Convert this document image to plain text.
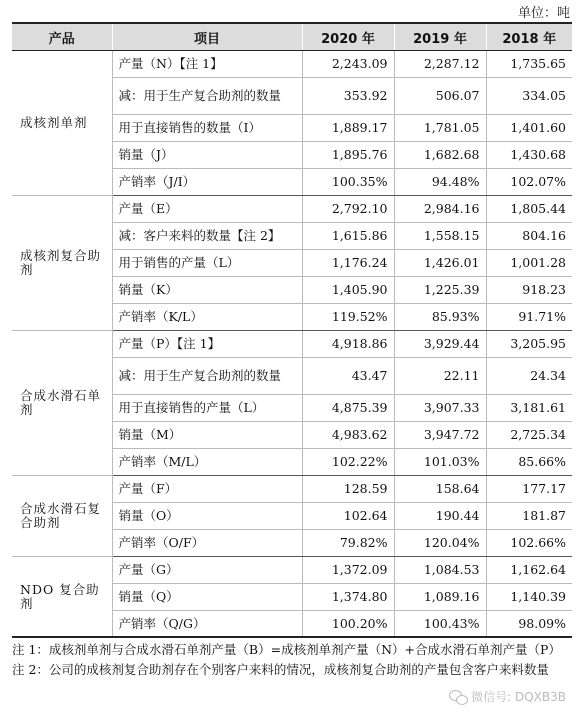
单位：吨
产品	项目	2020 年	2019 年	2018 年
成核剂单剂	产量（N）【注 1】	2,243.09	2,287.12	1,735.65
	减：用于生产复合助剂的数量	353.92	506.07	334.05
	用于直接销售的数量（I）	1,889.17	1,781.05	1,401.60
	销量（J）	1,895.76	1,682.68	1,430.68
	产销率（J/I）	100.35%	94.48%	102.07%
成核剂复合助剂	产量（E）	2,792.10	2,984.16	1,805.44
	减：客户来料的数量【注 2】	1,615.86	1,558.15	804.16
	用于销售的产量（L）	1,176.24	1,426.01	1,001.28
	销量（K）	1,405.90	1,225.39	918.23
	产销率（K/L）	119.52%	85.93%	91.71%
合成水滑石单剂	产量（P）【注 1】	4,918.86	3,929.44	3,205.95
	减：用于生产复合助剂的数量	43.47	22.11	24.34
	用于直接销售的产量（L）	4,875.39	3,907.33	3,181.61
	销量（M）	4,983.62	3,947.72	2,725.34
	产销率（M/L）	102.22%	101.03%	85.66%
合成水滑石复合助剂	产量（F）	128.59	158.64	177.17
	销量（O）	102.64	190.44	181.87
	产销率（O/F）	79.82%	120.04%	102.66%
NDO 复合助剂	产量（G）	1,372.09	1,084.53	1,162.64
	销量（Q）	1,374.80	1,089.16	1,140.39
	产销率（Q/G）	100.20%	100.43%	98.09%
注 1：成核剂单剂与合成水滑石单剂产量（B）=成核剂单剂产量（N）+合成水滑石单剂产量（P）
注 2：公司的成核剂复合助剂存在个别客户来料的情况，成核剂复合助剂的产量包含客户来料数量
微信号: DQXB3B
